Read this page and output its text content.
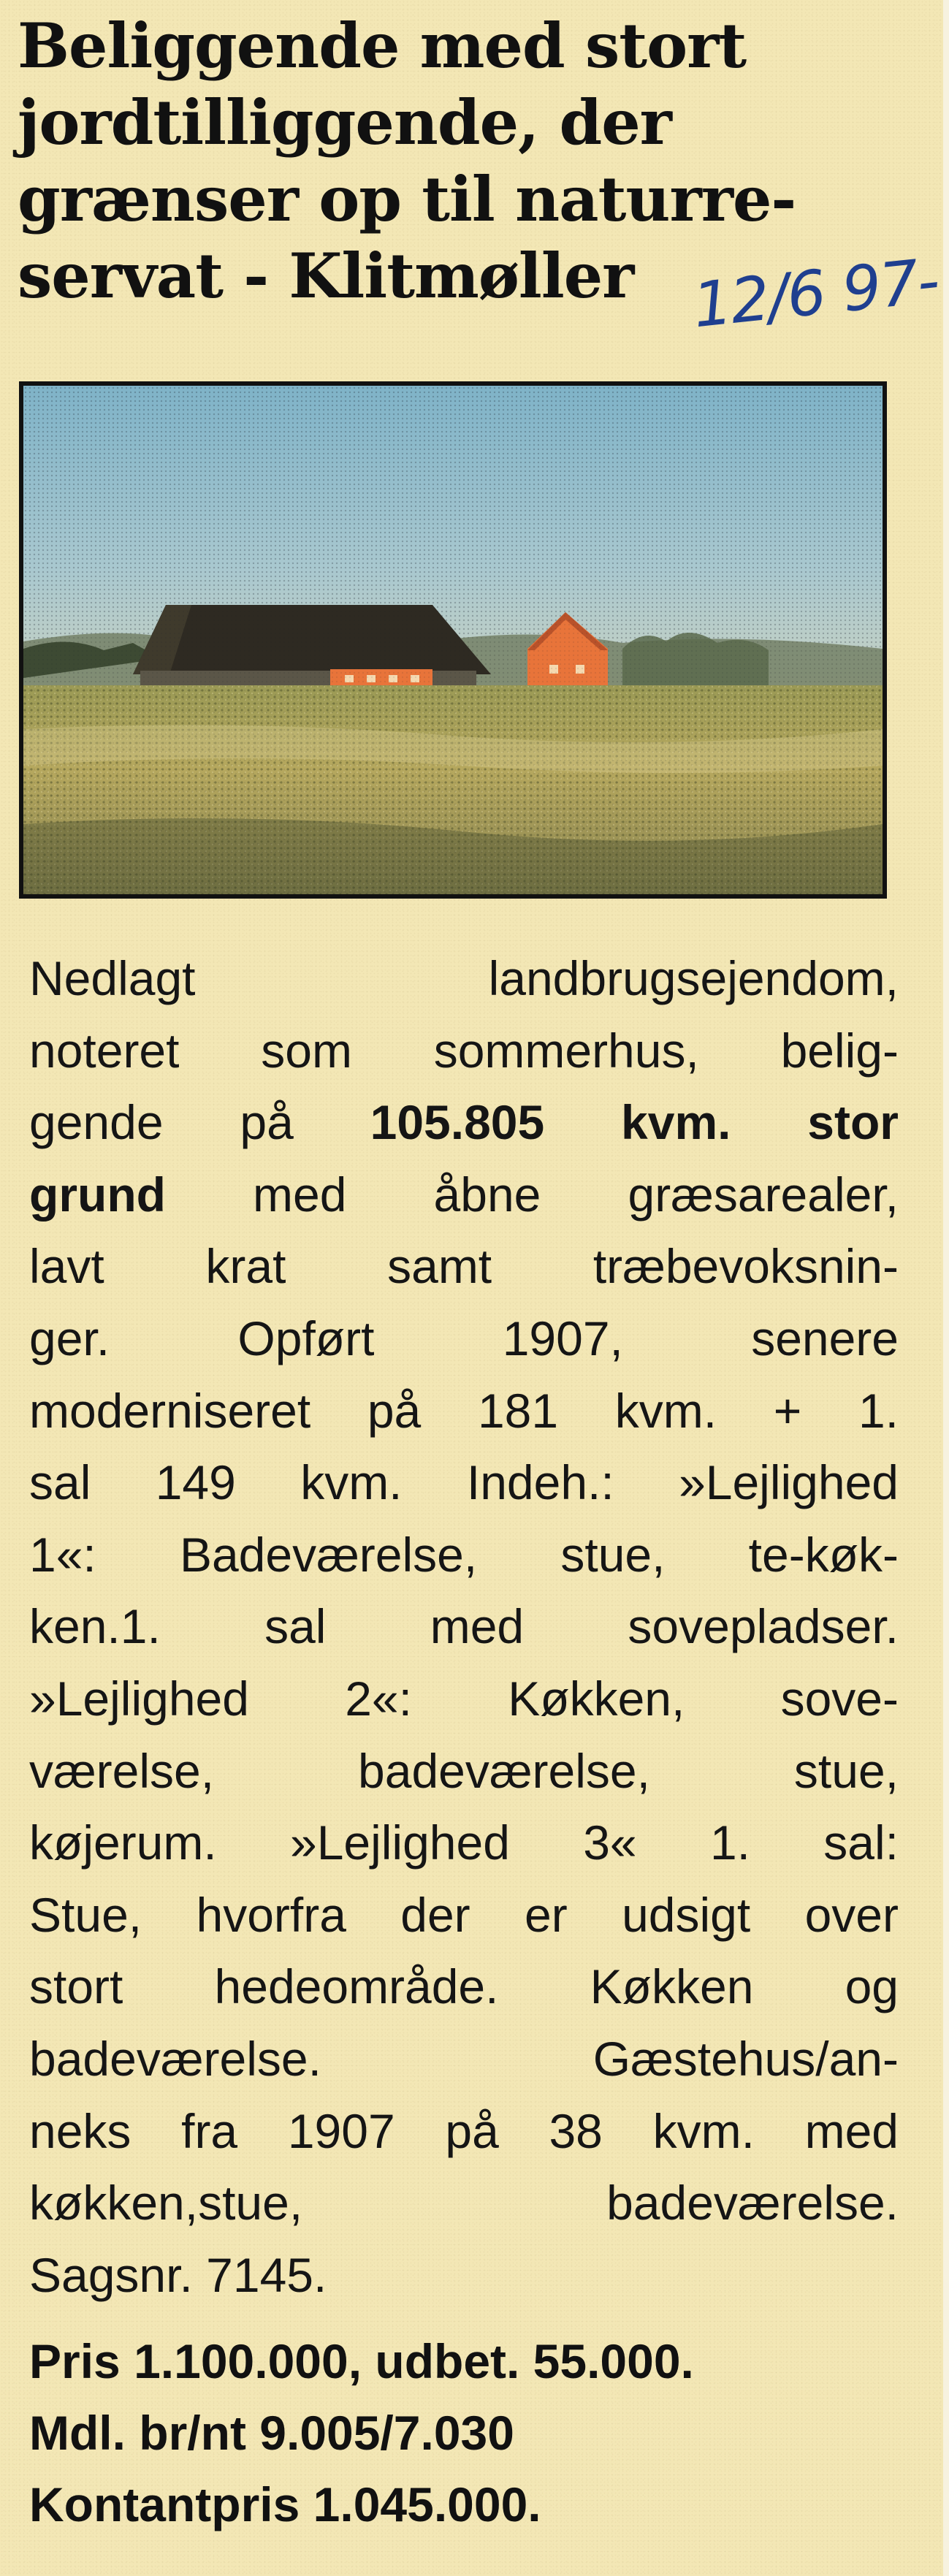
Beliggende med stort
jordtilliggende, der
grænser op til naturre-
servat - Klitmøller 12/6 97-
Nedlagt landbrugsejendom,
noteret som sommerhus, belig-
gende på 105.805 kvm. stor
grund med åbne græsarealer,
lavt krat samt træbevoksnin-
ger. Opført 1907, senere
moderniseret på 181 kvm. + 1.
sal 149 kvm. Indeh.: »Lejlighed
1«: Badeværelse, stue, te-køk-
ken.1. sal med sovepladser.
»Lejlighed 2«: Køkken, sove-
værelse, badeværelse, stue,
køjerum. »Lejlighed 3« 1. sal:
Stue, hvorfra der er udsigt over
stort hedeområde. Køkken og
badeværelse. Gæstehus/an-
neks fra 1907 på 38 kvm. med
køkken,stue, badeværelse.
Sagsnr. 7145.
Pris 1.100.000, udbet. 55.000.
Mdl. br/nt 9.005/7.030
Kontantpris 1.045.000.
